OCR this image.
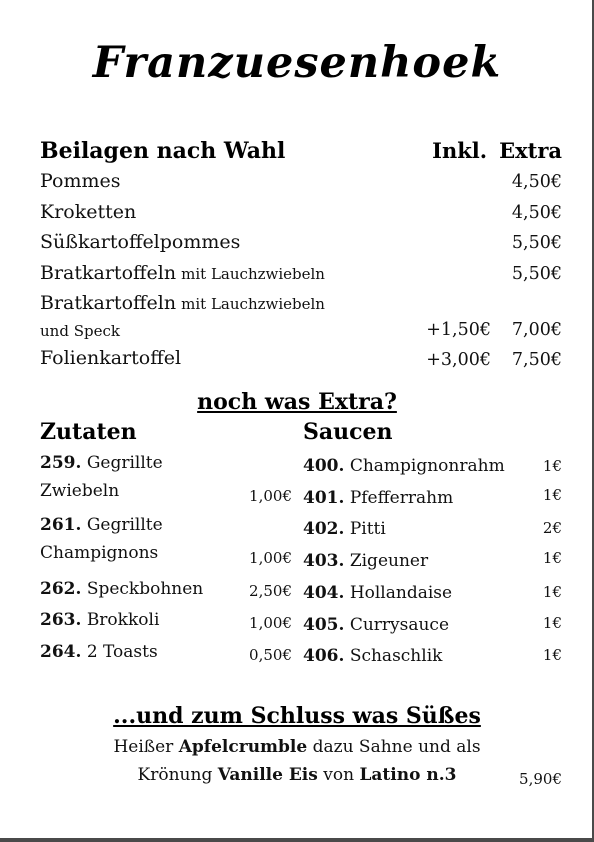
Franzuesenhoek
Beilagen nach Wahl	Inkl. Extra
Pommes	4,50€
Kroketten	4,50€
Süßkartoffelpommes	5,50€
Bratkartoffeln mit Lauchzwiebeln	5,50€
Bratkartoffeln mit Lauchzwiebeln
und Speck	+1,50€ 7,00€
Folienkartoffel	+3,00€ 7,50€
noch was Extra?
Zutaten	Saucen
259. Gegrillte
Zwiebeln	1,00€
261. Gegrillte
Champignons	1,00€
262. Speckbohnen	2,50€
263. Brokkoli	1,00€
264. 2 Toasts	0,50€
400. Champignonrahm	1€
401. Pfefferrahm	1€
402. Pitti	2€
403. Zigeuner	1€
404. Hollandaise	1€
405. Currysauce	1€
406. Schaschlik	1€
...und zum Schluss was Süßes
Heißer Apfelcrumble dazu Sahne und als
Krönung Vanille Eis von Latino n.3	5,90€
